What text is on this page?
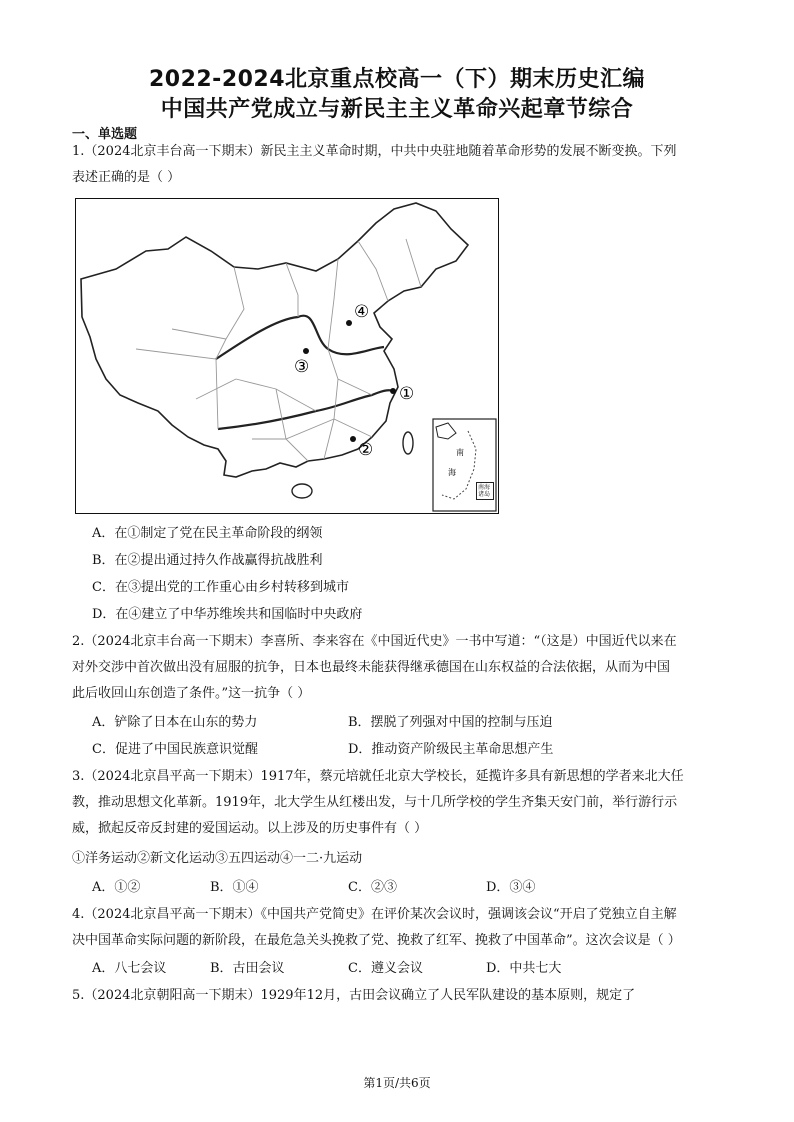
2022-2024北京重点校高一（下）期末历史汇编
中国共产党成立与新民主主义革命兴起章节综合
一、单选题
1.（2024北京丰台高一下期末）新民主主义革命时期，中共中央驻地随着革命形势的发展不断变换。下列
表述正确的是（ ）
①
②
③
④
南
海
南海诸岛
A．在①制定了党在民主革命阶段的纲领
B．在②提出通过持久作战赢得抗战胜利
C．在③提出党的工作重心由乡村转移到城市
D．在④建立了中华苏维埃共和国临时中央政府
2.（2024北京丰台高一下期末）李喜所、李来容在《中国近代史》一书中写道：“（这是）中国近代以来在
对外交涉中首次做出没有屈服的抗争，日本也最终未能获得继承德国在山东权益的合法依据，从而为中国
此后收回山东创造了条件。”这一抗争（ ）
A．铲除了日本在山东的势力	B．摆脱了列强对中国的控制与压迫
C．促进了中国民族意识觉醒	D．推动资产阶级民主革命思想产生
3.（2024北京昌平高一下期末）1917年，蔡元培就任北京大学校长，延揽许多具有新思想的学者来北大任
教，推动思想文化革新。1919年，北大学生从红楼出发，与十几所学校的学生齐集天安门前，举行游行示
威，掀起反帝反封建的爱国运动。以上涉及的历史事件有（ ）
①洋务运动②新文化运动③五四运动④一二·九运动
A．①②	B．①④	C．②③	D．③④
4.（2024北京昌平高一下期末）《中国共产党简史》在评价某次会议时，强调该会议“开启了党独立自主解
决中国革命实际问题的新阶段，在最危急关头挽救了党、挽救了红军、挽救了中国革命”。这次会议是（ ）
A．八七会议	B．古田会议	C．遵义会议	D．中共七大
5.（2024北京朝阳高一下期末）1929年12月，古田会议确立了人民军队建设的基本原则，规定了
第1页/共6页
